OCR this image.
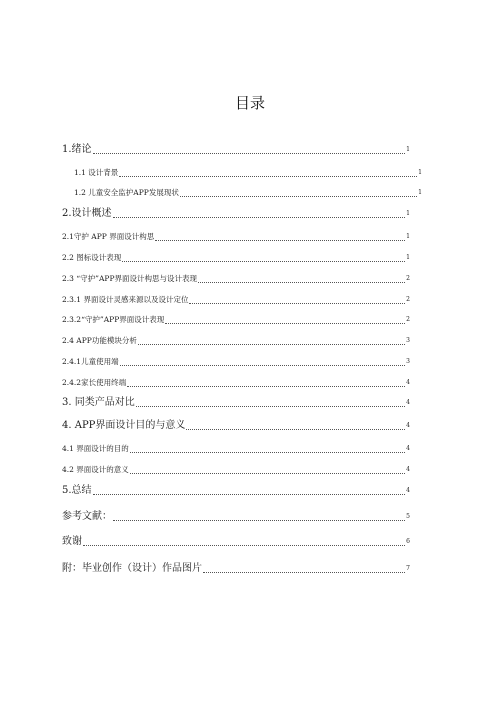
目录
1.绪论	1
1.1 设计背景	1
1.2 儿童安全监护APP发展现状	1
2.设计概述	1
2.1守护 APP 界面设计构思	1
2.2 图标设计表现	1
2.3 “守护”APP界面设计构思与设计表现	2
2.3.1 界面设计灵感来源以及设计定位	2
2.3.2“守护”APP界面设计表现	2
2.4 APP功能模块分析	3
2.4.1儿童使用端	3
2.4.2家长使用终端	4
3. 同类产品对比	4
4. APP界面设计目的与意义	4
4.1 界面设计的目的	4
4.2 界面设计的意义	4
5.总结	4
参考文献：	5
致谢	6
附：毕业创作（设计）作品图片	7
